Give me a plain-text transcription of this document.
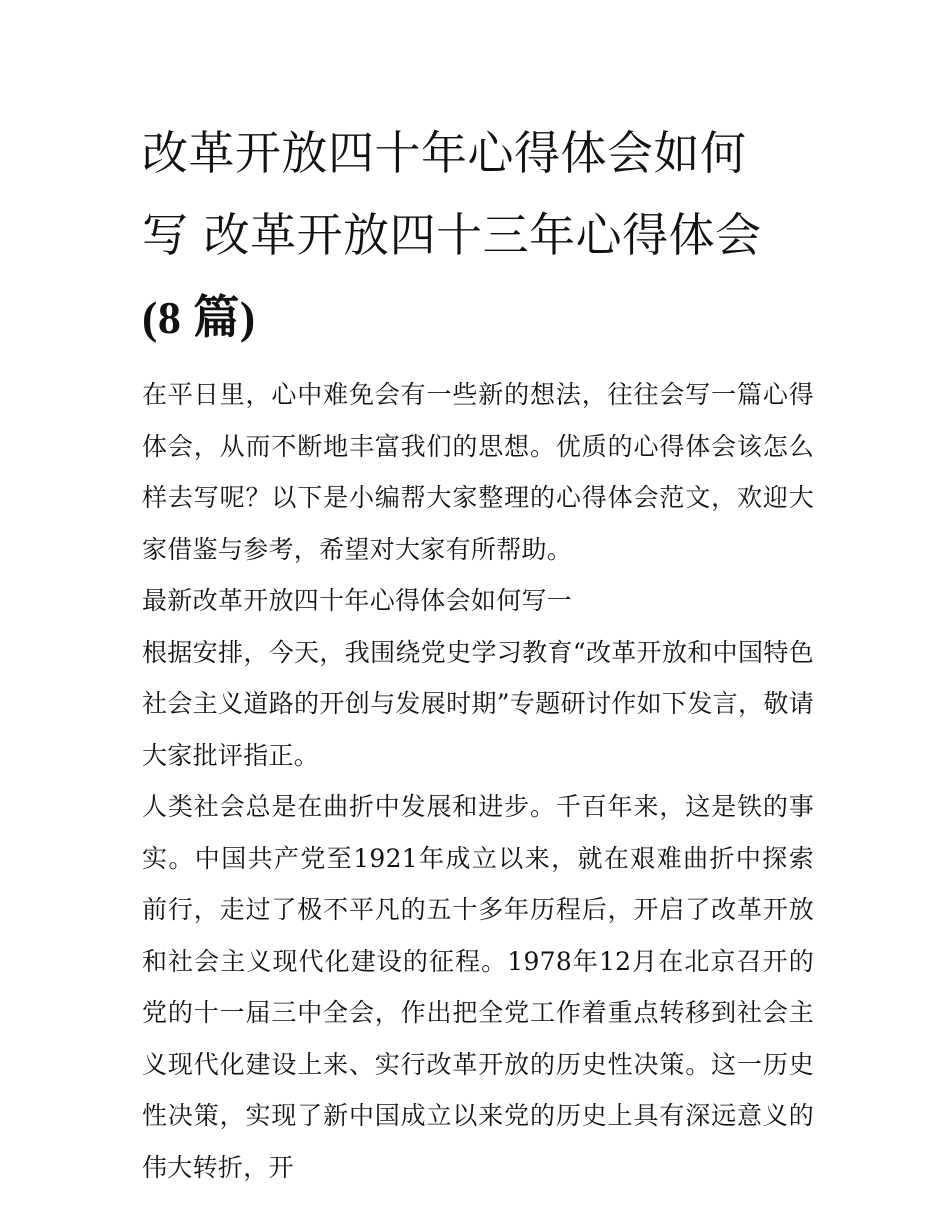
改革开放四十年心得体会如何
写 改革开放四十三年心得体会
(8 篇)

在平日里，心中难免会有一些新的想法，往往会写一篇心得体会，从而不断地丰富我们的思想。优质的心得体会该怎么样去写呢？以下是小编帮大家整理的心得体会范文，欢迎大家借鉴与参考，希望对大家有所帮助。

最新改革开放四十年心得体会如何写一

根据安排，今天，我围绕党史学习教育“改革开放和中国特色社会主义道路的开创与发展时期”专题研讨作如下发言，敬请大家批评指正。

人类社会总是在曲折中发展和进步。千百年来，这是铁的事实。中国共产党至1921年成立以来，就在艰难曲折中探索前行，走过了极不平凡的五十多年历程后，开启了改革开放和社会主义现代化建设的征程。1978年12月在北京召开的党的十一届三中全会，作出把全党工作着重点转移到社会主义现代化建设上来、实行改革开放的历史性决策。这一历史性决策，实现了新中国成立以来党的历史上具有深远意义的伟大转折，开
